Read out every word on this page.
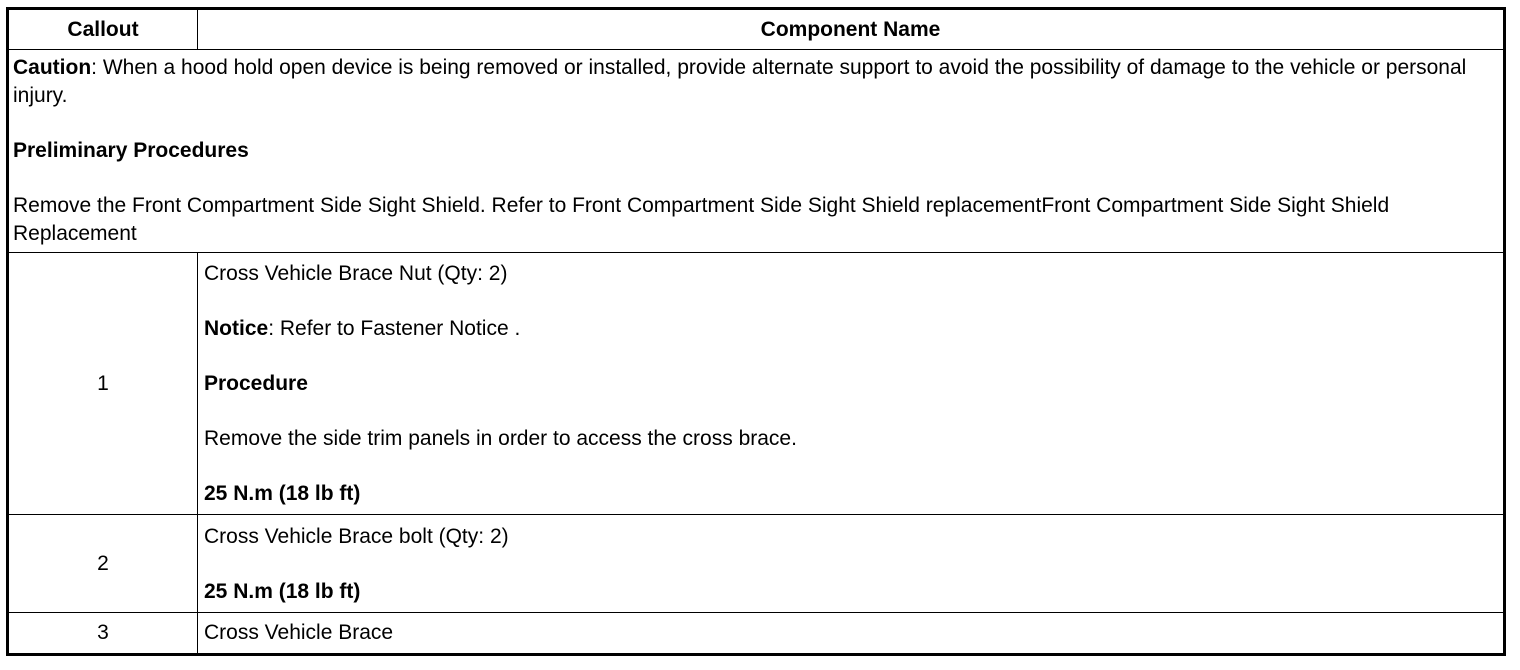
Callout	Component Name

Caution: When a hood hold open device is being removed or installed, provide alternate support to avoid the possibility of damage to the vehicle or personal injury.

Preliminary Procedures

Remove the Front Compartment Side Sight Shield. Refer to Front Compartment Side Sight Shield replacementFront Compartment Side Sight Shield Replacement

1

Cross Vehicle Brace Nut (Qty: 2)

Notice: Refer to Fastener Notice .

Procedure

Remove the side trim panels in order to access the cross brace.

25 N.m (18 lb ft)

2

Cross Vehicle Brace bolt (Qty: 2)

25 N.m (18 lb ft)

3	Cross Vehicle Brace
